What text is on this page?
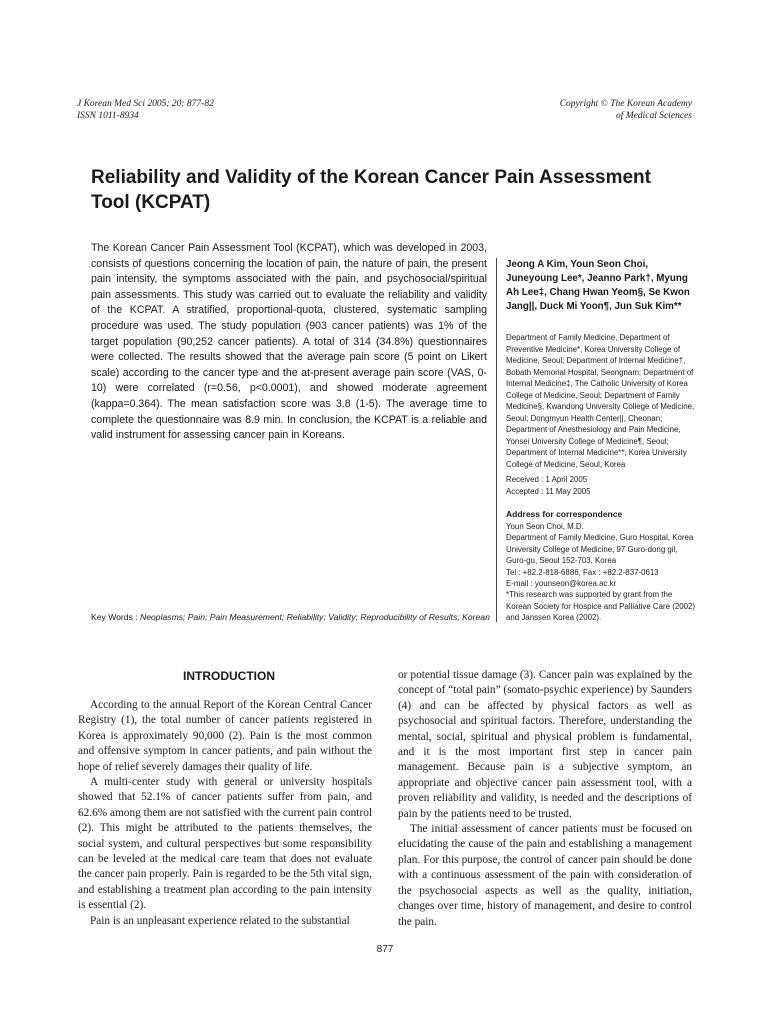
J Korean Med Sci 2005; 20: 877-82
ISSN 1011-8934
Copyright © The Korean Academy
of Medical Sciences
Reliability and Validity of the Korean Cancer Pain Assessment Tool (KCPAT)
The Korean Cancer Pain Assessment Tool (KCPAT), which was developed in 2003, consists of questions concerning the location of pain, the nature of pain, the present pain intensity, the symptoms associated with the pain, and psychosocial/spiritual pain assessments. This study was carried out to evaluate the reliability and validity of the KCPAT. A stratified, proportional-quota, clustered, systematic sampling procedure was used. The study population (903 cancer patients) was 1% of the target population (90,252 cancer patients). A total of 314 (34.8%) questionnaires were collected. The results showed that the average pain score (5 point on Likert scale) according to the cancer type and the at-present average pain score (VAS, 0-10) were correlated (r=0.56, p<0.0001), and showed moderate agreement (kappa=0.364). The mean satisfaction score was 3.8 (1-5). The average time to complete the questionnaire was 8.9 min. In conclusion, the KCPAT is a reliable and valid instrument for assessing cancer pain in Koreans.
Key Words : Neoplasms; Pain; Pain Measurement; Reliability; Validity; Reproducibility of Results; Korean
Jeong A Kim, Youn Seon Choi, Juneyoung Lee*, Jeanno Park†, Myung Ah Lee‡, Chang Hwan Yeom§, Se Kwon Jang||, Duck Mi Yoon¶, Jun Suk Kim**
Department of Family Medicine, Department of Preventive Medicine*, Korea University College of Medicine, Seoul; Department of Internal Medicine†, Bobath Memorial Hospital, Seongnam; Department of Internal Medicine‡, The Catholic University of Korea College of Medicine, Seoul; Department of Family Medicine§, Kwandong University College of Medicine, Seoul; Dongmyun Health Center||, Cheonan; Department of Anesthesiology and Pain Medicine, Yonsei University College of Medicine¶, Seoul; Department of Internal Medicine**, Korea University College of Medicine, Seoul, Korea
Received : 1 April 2005
Accepted : 11 May 2005
Address for correspondence
Youn Seon Choi, M.D.
Department of Family Medicine, Guro Hospital, Korea University College of Medicine, 97 Guro-dong gil, Guro-gu, Seoul 152-703, Korea
Tel : +82.2-818-6886, Fax : +82.2-837-0613
E-mail : younseon@korea.ac.kr
*This research was supported by grant from the Korean Society for Hospice and Palliative Care (2002) and Janssen Korea (2002).
INTRODUCTION

According to the annual Report of the Korean Central Cancer Registry (1), the total number of cancer patients registered in Korea is approximately 90,000 (2). Pain is the most common and offensive symptom in cancer patients, and pain without the hope of relief severely damages their quality of life.

A multi-center study with general or university hospitals showed that 52.1% of cancer patients suffer from pain, and 62.6% among them are not satisfied with the current pain control (2). This might be attributed to the patients themselves, the social system, and cultural perspectives but some responsibility can be leveled at the medical care team that does not evaluate the cancer pain properly. Pain is regarded to be the 5th vital sign, and establishing a treatment plan according to the pain intensity is essential (2).

Pain is an unpleasant experience related to the substantial

or potential tissue damage (3). Cancer pain was explained by the concept of “total pain” (somato-psychic experience) by Saunders (4) and can be affected by physical factors as well as psychosocial and spiritual factors. Therefore, understanding the mental, social, spiritual and physical problem is fundamental, and it is the most important first step in cancer pain management. Because pain is a subjective symptom, an appropriate and objective cancer pain assessment tool, with a proven reliability and validity, is needed and the descriptions of pain by the patients need to be trusted.

The initial assessment of cancer patients must be focused on elucidating the cause of the pain and establishing a management plan. For this purpose, the control of cancer pain should be done with a continuous assessment of the pain with consideration of the psychosocial aspects as well as the quality, initiation, changes over time, history of management, and desire to control the pain.

877
